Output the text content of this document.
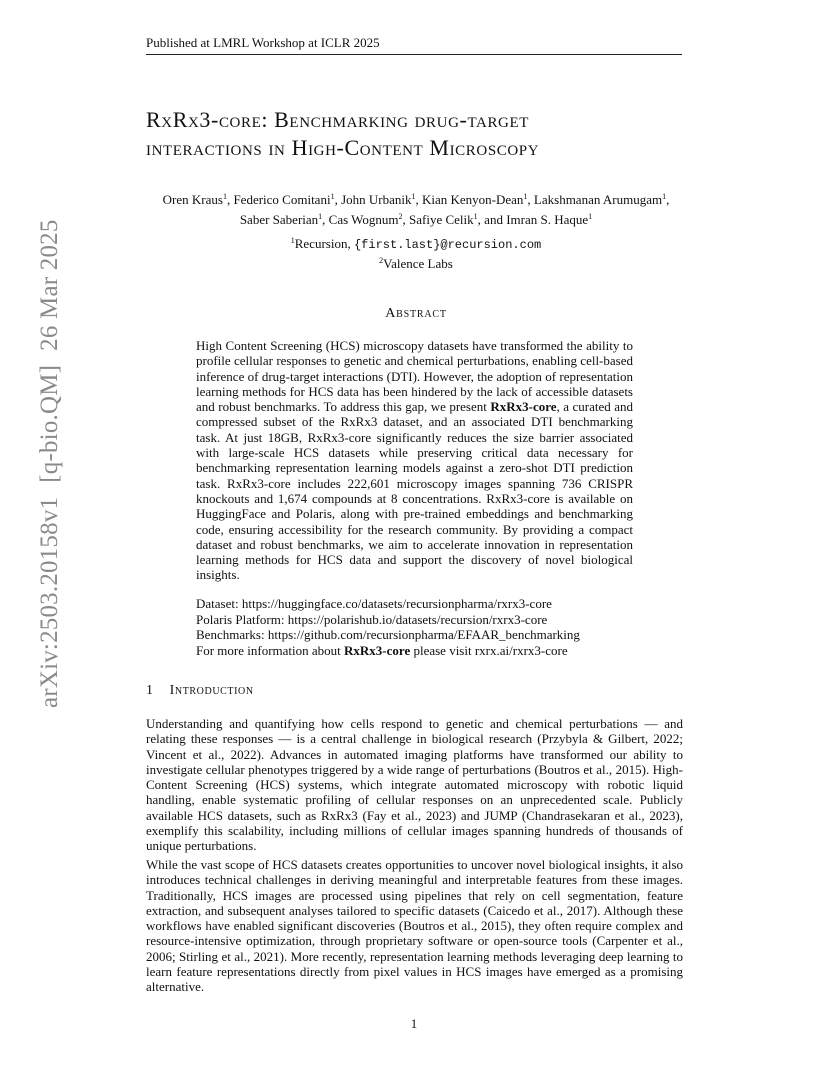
Published at LMRL Workshop at ICLR 2025
arXiv:2503.20158v1[q-bio.QM]26 Mar 2025
RxRx3-core: Benchmarking drug-target
interactions in High-Content Microscopy
Oren Kraus$^1$, Federico Comitani$^1$, John Urbanik$^1$, Kian Kenyon-Dean$^1$, Lakshmanan Arumugam$^1$,
Saber Saberian$^1$, Cas Wognum$^2$, Safiye Celik$^1$, and Imran S. Haque$^1$
$^1$Recursion, {first.last}@recursion.com
$^2$Valence Labs
Abstract
High Content Screening (HCS) microscopy datasets have transformed the ability to profile cellular responses to genetic and chemical perturbations, enabling cell-based inference of drug-target interactions (DTI). However, the adoption of representation learning methods for HCS data has been hindered by the lack of accessible datasets and robust benchmarks. To address this gap, we present RxRx3-core, a curated and compressed subset of the RxRx3 dataset, and an associated DTI benchmarking task. At just 18GB, RxRx3-core significantly reduces the size barrier associated with large-scale HCS datasets while preserving critical data necessary for benchmarking representation learning models against a zero-shot DTI prediction task. RxRx3-core includes 222,601 microscopy images spanning 736 CRISPR knockouts and 1,674 compounds at 8 concentrations. RxRx3-core is available on HuggingFace and Polaris, along with pre-trained embeddings and benchmarking code, ensuring accessibility for the research community. By providing a compact dataset and robust benchmarks, we aim to accelerate innovation in representation learning methods for HCS data and support the discovery of novel biological insights.
Dataset: https://huggingface.co/datasets/recursionpharma/rxrx3-core
Polaris Platform: https://polarishub.io/datasets/recursion/rxrx3-core
Benchmarks: https://github.com/recursionpharma/EFAAR_benchmarking
For more information about RxRx3-core please visit rxrx.ai/rxrx3-core
1 Introduction
Understanding and quantifying how cells respond to genetic and chemical perturbations — and relating these responses — is a central challenge in biological research (Przybyla & Gilbert, 2022; Vincent et al., 2022). Advances in automated imaging platforms have transformed our ability to investigate cellular phenotypes triggered by a wide range of perturbations (Boutros et al., 2015). High-Content Screening (HCS) systems, which integrate automated microscopy with robotic liquid handling, enable systematic profiling of cellular responses on an unprecedented scale. Publicly available HCS datasets, such as RxRx3 (Fay et al., 2023) and JUMP (Chandrasekaran et al., 2023), exemplify this scalability, including millions of cellular images spanning hundreds of thousands of unique perturbations.
While the vast scope of HCS datasets creates opportunities to uncover novel biological insights, it also introduces technical challenges in deriving meaningful and interpretable features from these images. Traditionally, HCS images are processed using pipelines that rely on cell segmentation, feature extraction, and subsequent analyses tailored to specific datasets (Caicedo et al., 2017). Although these workflows have enabled significant discoveries (Boutros et al., 2015), they often require complex and resource-intensive optimization, through proprietary software or open-source tools (Carpenter et al., 2006; Stirling et al., 2021). More recently, representation learning methods leveraging deep learning to learn feature representations directly from pixel values in HCS images have emerged as a promising alternative.
1
